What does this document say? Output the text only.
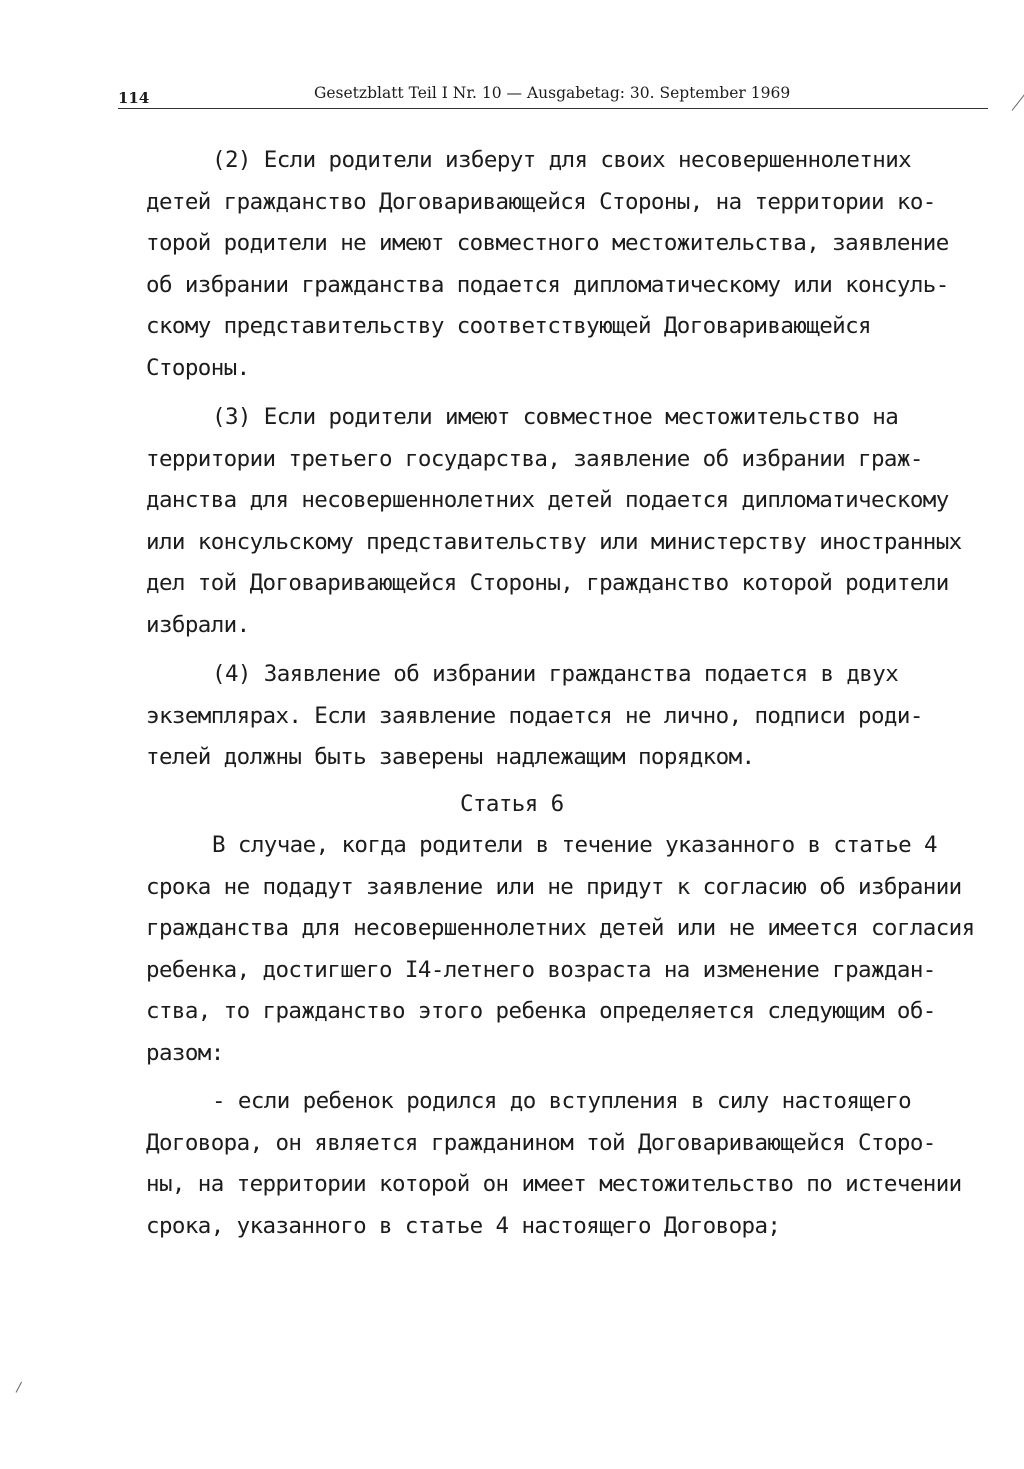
114	Gesetzblatt Teil I Nr. 10 — Ausgabetag: 30. September 1969
(2) Если родители изберут для своих несовершеннолетних
детей гражданство Договаривающейся Стороны, на территории ко-
торой родители не имеют совместного местожительства, заявление
об избрании гражданства подается дипломатическому или консуль-
скому представительству соответствующей Договаривающейся
Стороны.
(3) Если родители имеют совместное местожительство на
территории третьего государства, заявление об избрании граж-
данства для несовершеннолетних детей подается дипломатическому
или консульскому представительству или министерству иностранных
дел той Договаривающейся Стороны, гражданство которой родители
избрали.
(4) Заявление об избрании гражданства подается в двух
экземплярах. Если заявление подается не лично, подписи роди-
телей должны быть заверены надлежащим порядком.
Статья 6
В случае, когда родители в течение указанного в статье 4
срока не подадут заявление или не придут к согласию об избрании
гражданства для несовершеннолетних детей или не имеется согласия
ребенка, достигшего I4-летнего возраста на изменение граждан-
ства, то гражданство этого ребенка определяется следующим об-
разом:
- если ребенок родился до вступления в силу настоящего
Договора, он является гражданином той Договаривающейся Сторо-
ны, на территории которой он имеет местожительство по истечении
срока, указанного в статье 4 настоящего Договора;
